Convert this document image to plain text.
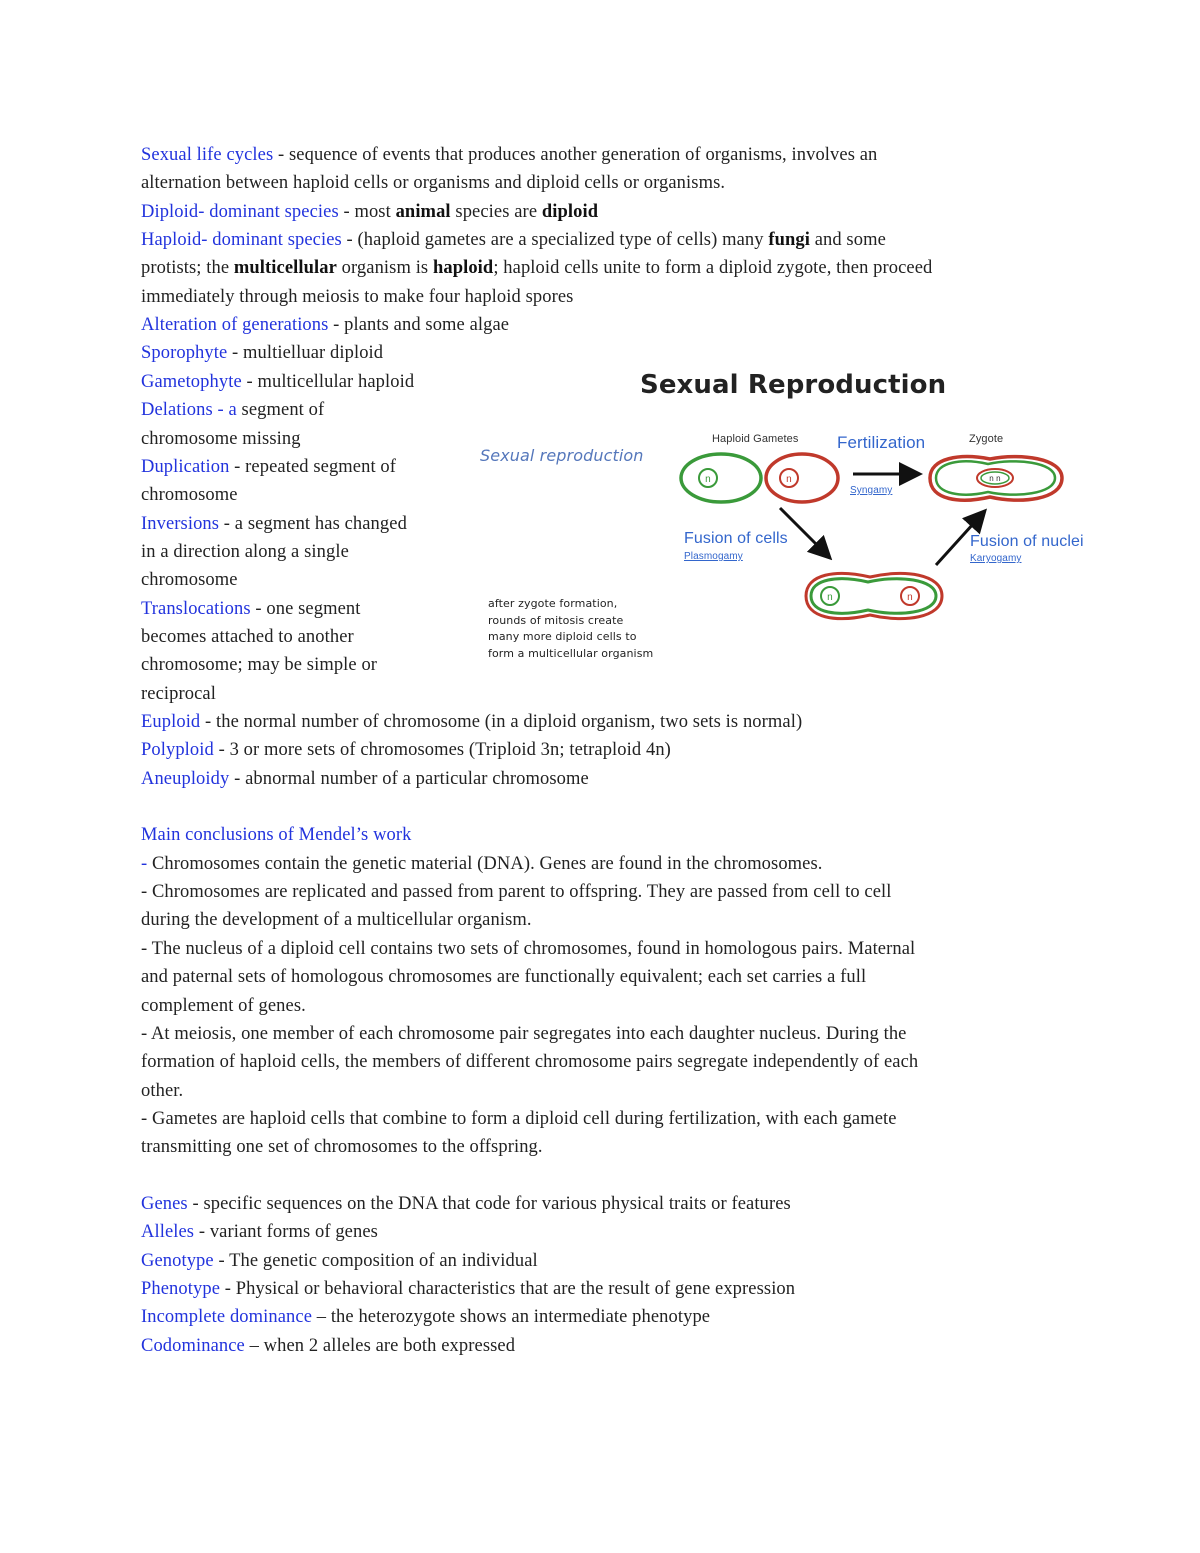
Sexual life cycles - sequence of events that produces another generation of organisms, involves an
alternation between haploid cells or organisms and diploid cells or organisms.
Diploid- dominant species - most animal species are diploid
Haploid- dominant species - (haploid gametes are a specialized type of cells) many fungi and some
protists; the multicellular organism is haploid; haploid cells unite to form a diploid zygote, then proceed
immediately through meiosis to make four haploid spores
Alteration of generations - plants and some algae
Sporophyte - multielluar diploid
Gametophyte - multicellular haploid
Delations - a segment of
chromosome missing
Duplication - repeated segment of
chromosome
Inversions - a segment has changed
in a direction along a single
chromosome
Translocations - one segment
becomes attached to another
chromosome; may be simple or
reciprocal
Euploid - the normal number of chromosome (in a diploid organism, two sets is normal)
Polyploid - 3 or more sets of chromosomes (Triploid 3n; tetraploid 4n)
Aneuploidy - abnormal number of a particular chromosome
Main conclusions of Mendel’s work
- Chromosomes contain the genetic material (DNA). Genes are found in the chromosomes.
- Chromosomes are replicated and passed from parent to offspring. They are passed from cell to cell
during the development of a multicellular organism.
- The nucleus of a diploid cell contains two sets of chromosomes, found in homologous pairs. Maternal
and paternal sets of homologous chromosomes are functionally equivalent; each set carries a full
complement of genes.
- At meiosis, one member of each chromosome pair segregates into each daughter nucleus. During the
formation of haploid cells, the members of different chromosome pairs segregate independently of each
other.
- Gametes are haploid cells that combine to form a diploid cell during fertilization, with each gamete
transmitting one set of chromosomes to the offspring.
Genes - specific sequences on the DNA that code for various physical traits or features
Alleles - variant forms of genes
Genotype - The genetic composition of an individual
Phenotype - Physical or behavioral characteristics that are the result of gene expression
Incomplete dominance – the heterozygote shows an intermediate phenotype
Codominance – when 2 alleles are both expressed
Sexual Reproduction
Sexual reproduction
Haploid Gametes Fertilization
Syngamy
Zygote
Fusion of cells
Plasmogamy
Fusion of nuclei
Karyogamy
after zygote formation, rounds of mitosis create many more diploid cells to form a multicellular organism
n	n	n n
n	n
